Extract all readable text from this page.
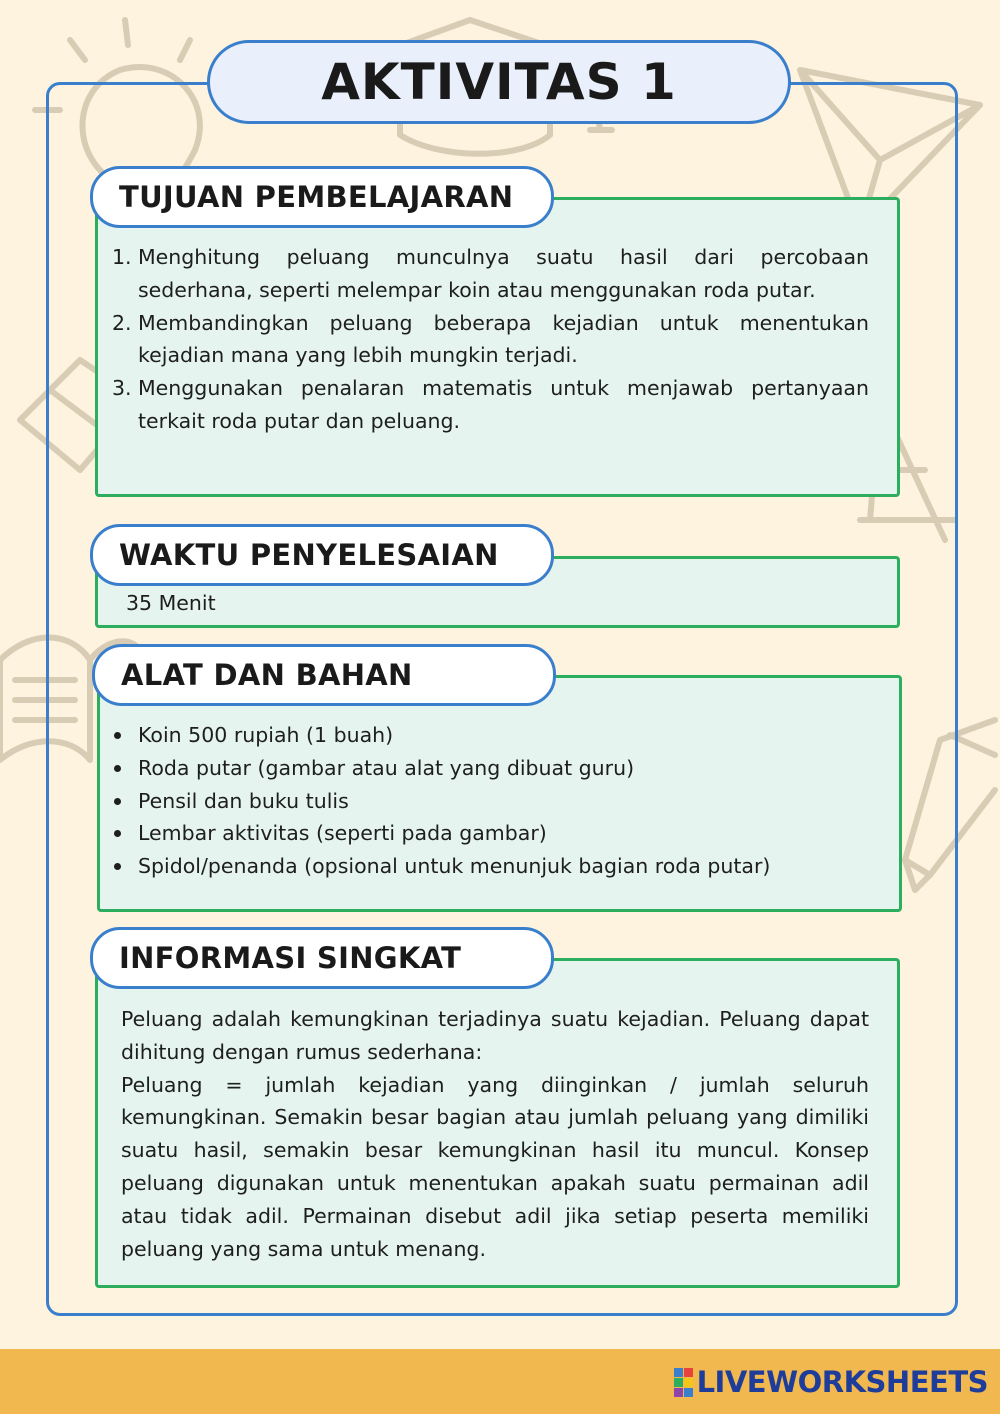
AKTIVITAS 1
TUJUAN PEMBELAJARAN
1. Menghitung peluang munculnya suatu hasil dari percobaan sederhana, seperti melempar koin atau menggunakan roda putar.
2. Membandingkan peluang beberapa kejadian untuk menentukan kejadian mana yang lebih mungkin terjadi.
3. Menggunakan penalaran matematis untuk menjawab pertanyaan terkait roda putar dan peluang.
WAKTU PENYELESAIAN
35 Menit
ALAT DAN BAHAN
Koin 500 rupiah (1 buah)
Roda putar (gambar atau alat yang dibuat guru)
Pensil dan buku tulis
Lembar aktivitas (seperti pada gambar)
Spidol/penanda (opsional untuk menunjuk bagian roda putar)
INFORMASI SINGKAT

Peluang adalah kemungkinan terjadinya suatu kejadian. Peluang dapat dihitung dengan rumus sederhana:

Peluang = jumlah kejadian yang diinginkan / jumlah seluruh kemungkinan. Semakin besar bagian atau jumlah peluang yang dimiliki suatu hasil, semakin besar kemungkinan hasil itu muncul. Konsep peluang digunakan untuk menentukan apakah suatu permainan adil atau tidak adil. Permainan disebut adil jika setiap peserta memiliki peluang yang sama untuk menang.

LIVEWORKSHEETS
